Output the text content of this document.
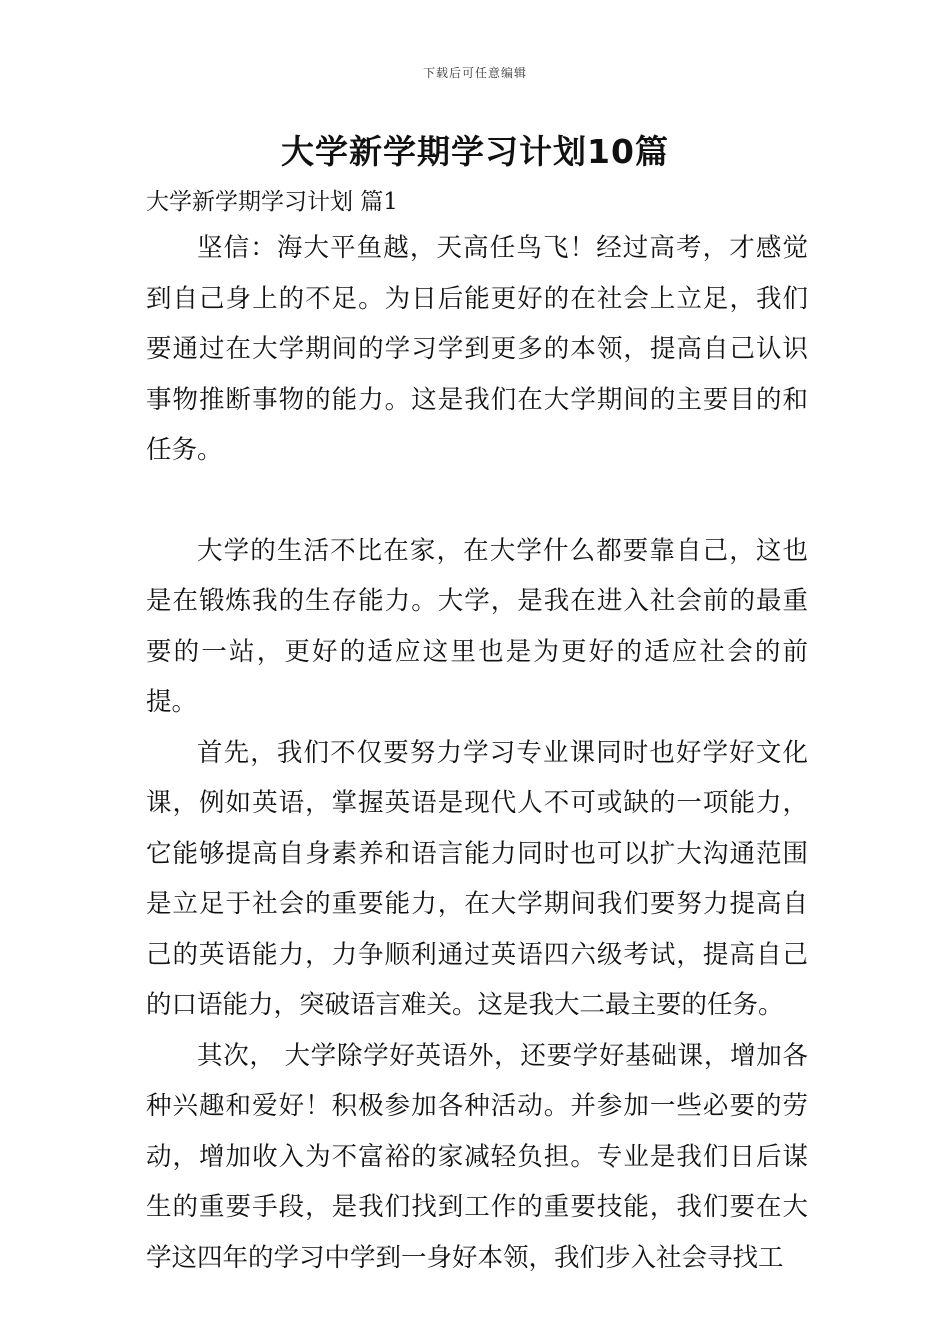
下载后可任意编辑
大学新学期学习计划10篇
大学新学期学习计划 篇1

坚信：海大平鱼越，天高任鸟飞！经过高考，才感觉到自己身上的不足。为日后能更好的在社会上立足，我们要通过在大学期间的学习学到更多的本领，提高自己认识事物推断事物的能力。这是我们在大学期间的主要目的和任务。

大学的生活不比在家，在大学什么都要靠自己，这也是在锻炼我的生存能力。大学，是我在进入社会前的最重要的一站，更好的适应这里也是为更好的适应社会的前提。

首先，我们不仅要努力学习专业课同时也好学好文化课，例如英语，掌握英语是现代人不可或缺的一项能力，它能够提高自身素养和语言能力同时也可以扩大沟通范围是立足于社会的重要能力，在大学期间我们要努力提高自己的英语能力，力争顺利通过英语四六级考试，提高自己的口语能力，突破语言难关。这是我大二最主要的任务。

其次， 大学除学好英语外，还要学好基础课，增加各种兴趣和爱好！积极参加各种活动。并参加一些必要的劳动，增加收入为不富裕的家减轻负担。专业是我们日后谋生的重要手段，是我们找到工作的重要技能，我们要在大学这四年的学习中学到一身好本领，我们步入社会寻找工
